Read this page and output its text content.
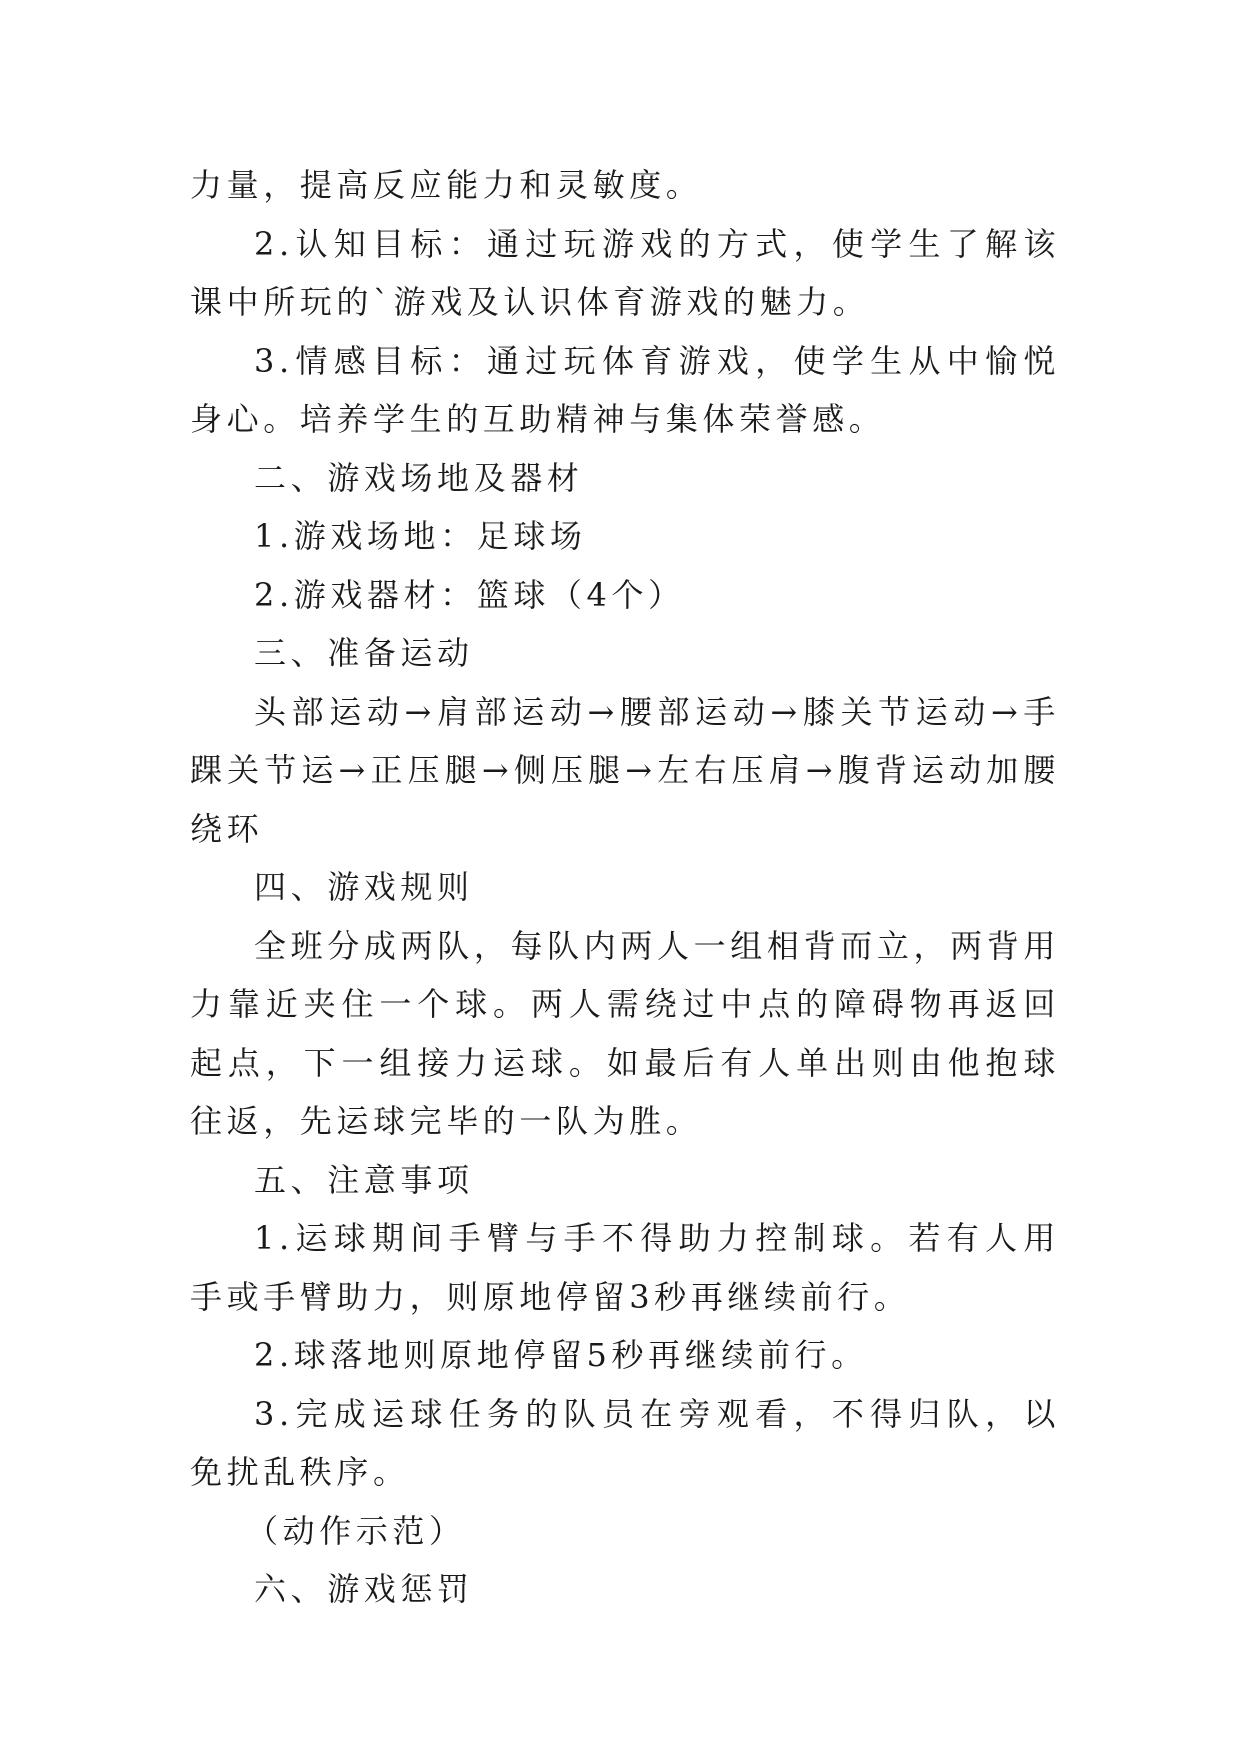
力量，提高反应能力和灵敏度。

2.认知目标：通过玩游戏的方式，使学生了解该课中所玩的`游戏及认识体育游戏的魅力。

3.情感目标：通过玩体育游戏，使学生从中愉悦身心。培养学生的互助精神与集体荣誉感。

二、游戏场地及器材

1.游戏场地：足球场

2.游戏器材：篮球（4个）

三、准备运动

头部运动→肩部运动→腰部运动→膝关节运动→手踝关节运→正压腿→侧压腿→左右压肩→腹背运动加腰绕环

四、游戏规则

全班分成两队，每队内两人一组相背而立，两背用力靠近夹住一个球。两人需绕过中点的障碍物再返回起点，下一组接力运球。如最后有人单出则由他抱球往返，先运球完毕的一队为胜。

五、注意事项

1.运球期间手臂与手不得助力控制球。若有人用手或手臂助力，则原地停留3秒再继续前行。

2.球落地则原地停留5秒再继续前行。

3.完成运球任务的队员在旁观看，不得归队，以免扰乱秩序。

（动作示范）

六、游戏惩罚
